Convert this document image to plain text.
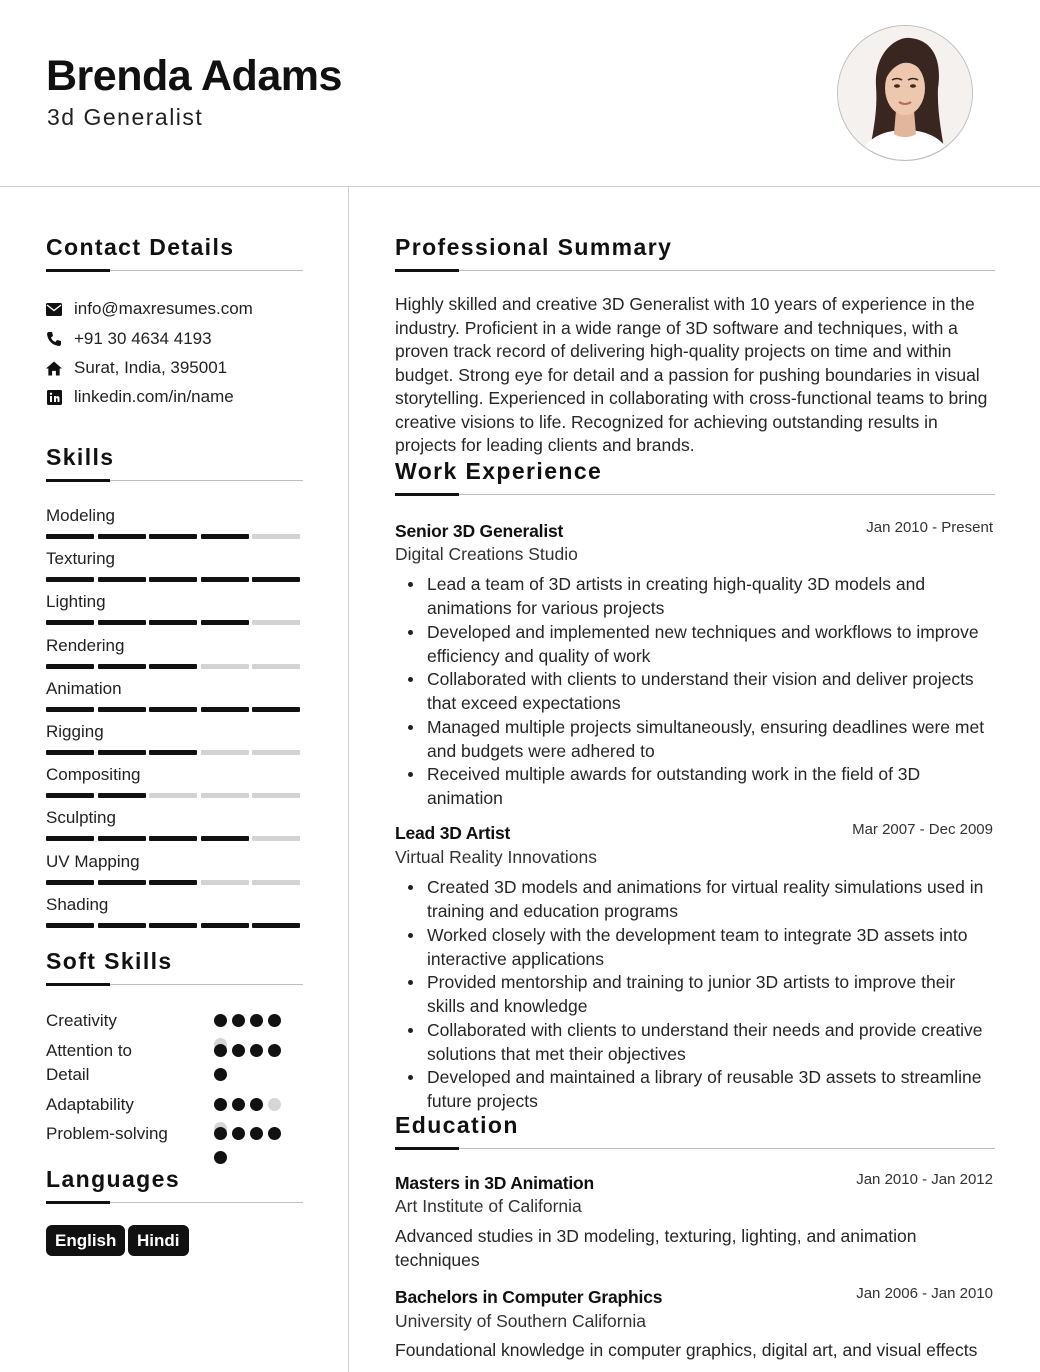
Brenda Adams
3d Generalist
Contact Details
info@maxresumes.com
+91 30 4634 4193
Surat, India, 395001
linkedin.com/in/name
Skills
Modeling
Texturing
Lighting
Rendering
Animation
Rigging
Compositing
Sculpting
UV Mapping
Shading
Soft Skills
Creativity
Attention to Detail
Adaptability
Problem-solving
Languages
English	Hindi
Professional Summary
Highly skilled and creative 3D Generalist with 10 years of experience in the industry. Proficient in a wide range of 3D software and techniques, with a proven track record of delivering high-quality projects on time and within budget. Strong eye for detail and a passion for pushing boundaries in visual storytelling. Experienced in collaborating with cross-functional teams to bring creative visions to life. Recognized for achieving outstanding results in projects for leading clients and brands.
Work Experience
Senior 3D Generalist	Jan 2010 - Present
Digital Creations Studio
Lead a team of 3D artists in creating high-quality 3D models and animations for various projects
Developed and implemented new techniques and workflows to improve efficiency and quality of work
Collaborated with clients to understand their vision and deliver projects that exceed expectations
Managed multiple projects simultaneously, ensuring deadlines were met and budgets were adhered to
Received multiple awards for outstanding work in the field of 3D animation
Lead 3D Artist	Mar 2007 - Dec 2009
Virtual Reality Innovations
Created 3D models and animations for virtual reality simulations used in training and education programs
Worked closely with the development team to integrate 3D assets into interactive applications
Provided mentorship and training to junior 3D artists to improve their skills and knowledge
Collaborated with clients to understand their needs and provide creative solutions that met their objectives
Developed and maintained a library of reusable 3D assets to streamline future projects
Education
Masters in 3D Animation	Jan 2010 - Jan 2012
Art Institute of California
Advanced studies in 3D modeling, texturing, lighting, and animation techniques
Bachelors in Computer Graphics	Jan 2006 - Jan 2010
University of Southern California
Foundational knowledge in computer graphics, digital art, and visual effects
